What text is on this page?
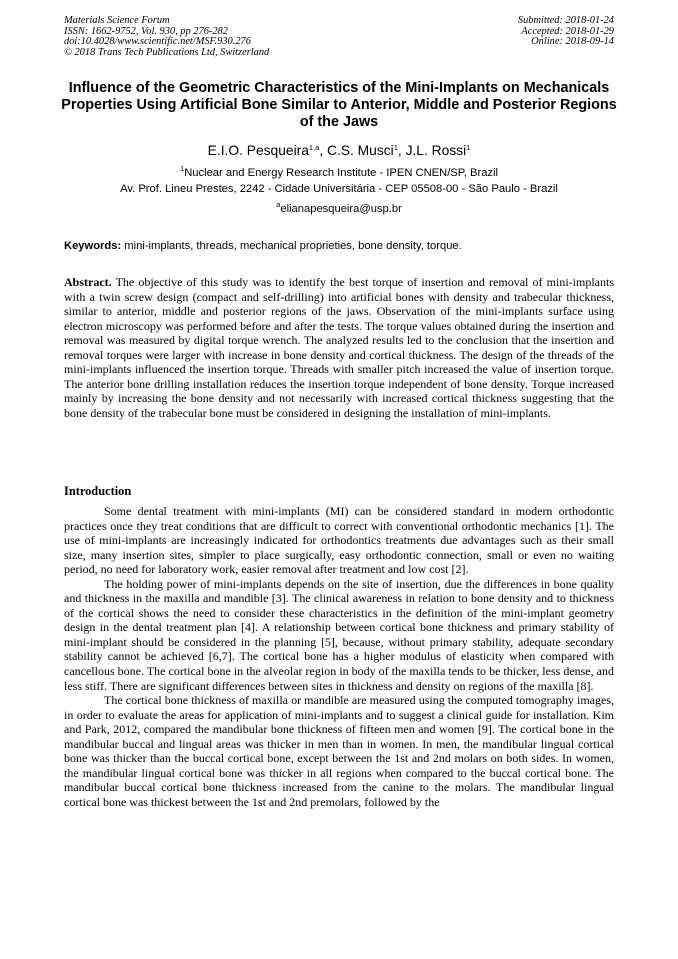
Materials Science Forum
ISSN: 1662-9752, Vol. 930, pp 276-282
doi:10.4028/www.scientific.net/MSF.930.276
© 2018 Trans Tech Publications Ltd, Switzerland
Submitted: 2018-01-24
Accepted: 2018-01-29
Online: 2018-09-14
Influence of the Geometric Characteristics of the Mini-Implants on Mechanicals Properties Using Artificial Bone Similar to Anterior, Middle and Posterior Regions of the Jaws
E.I.O. Pesqueira$^{1,a}$, C.S. Musci$^1$, J.L. Rossi$^1$
$^1$Nuclear and Energy Research Institute - IPEN CNEN/SP, Brazil
Av. Prof. Lineu Prestes, 2242 - Cidade Universitária - CEP 05508-00 - São Paulo - Brazil
$^a$elianapesqueira@usp.br
Keywords: mini-implants, threads, mechanical proprieties, bone density, torque.
Abstract. The objective of this study was to identify the best torque of insertion and removal of mini-implants with a twin screw design (compact and self-drilling) into artificial bones with density and trabecular thickness, similar to anterior, middle and posterior regions of the jaws. Observation of the mini-implants surface using electron microscopy was performed before and after the tests. The torque values obtained during the insertion and removal was measured by digital torque wrench. The analyzed results led to the conclusion that the insertion and removal torques were larger with increase in bone density and cortical thickness. The design of the threads of the mini-implants influenced the insertion torque. Threads with smaller pitch increased the value of insertion torque. The anterior bone drilling installation reduces the insertion torque independent of bone density. Torque increased mainly by increasing the bone density and not necessarily with increased cortical thickness suggesting that the bone density of the trabecular bone must be considered in designing the installation of mini-implants.
Introduction

Some dental treatment with mini-implants (MI) can be considered standard in modern orthodontic practices once they treat conditions that are difficult to correct with conventional orthodontic mechanics [1]. The use of mini-implants are increasingly indicated for orthodontics treatments due advantages such as their small size, many insertion sites, simpler to place surgically, easy orthodontic connection, small or even no waiting period, no need for laboratory work, easier removal after treatment and low cost [2].

The holding power of mini-implants depends on the site of insertion, due the differences in bone quality and thickness in the maxilla and mandible [3]. The clinical awareness in relation to bone density and to thickness of the cortical shows the need to consider these characteristics in the definition of the mini-implant geometry design in the dental treatment plan [4]. A relationship between cortical bone thickness and primary stability of mini-implant should be considered in the planning [5], because, without primary stability, adequate secondary stability cannot be achieved [6,7]. The cortical bone has a higher modulus of elasticity when compared with cancellous bone. The cortical bone in the alveolar region in body of the maxilla tends to be thicker, less dense, and less stiff. There are significant differences between sites in thickness and density on regions of the maxilla [8].

The cortical bone thickness of maxilla or mandible are measured using the computed tomography images, in order to evaluate the areas for application of mini-implants and to suggest a clinical guide for installation. Kim and Park, 2012, compared the mandibular bone thickness of fifteen men and women [9]. The cortical bone in the mandibular buccal and lingual areas was thicker in men than in women. In men, the mandibular lingual cortical bone was thicker than the buccal cortical bone, except between the 1st and 2nd molars on both sides. In women, the mandibular lingual cortical bone was thicker in all regions when compared to the buccal cortical bone. The mandibular buccal cortical bone thickness increased from the canine to the molars. The mandibular lingual cortical bone was thickest between the 1st and 2nd premolars, followed by the
